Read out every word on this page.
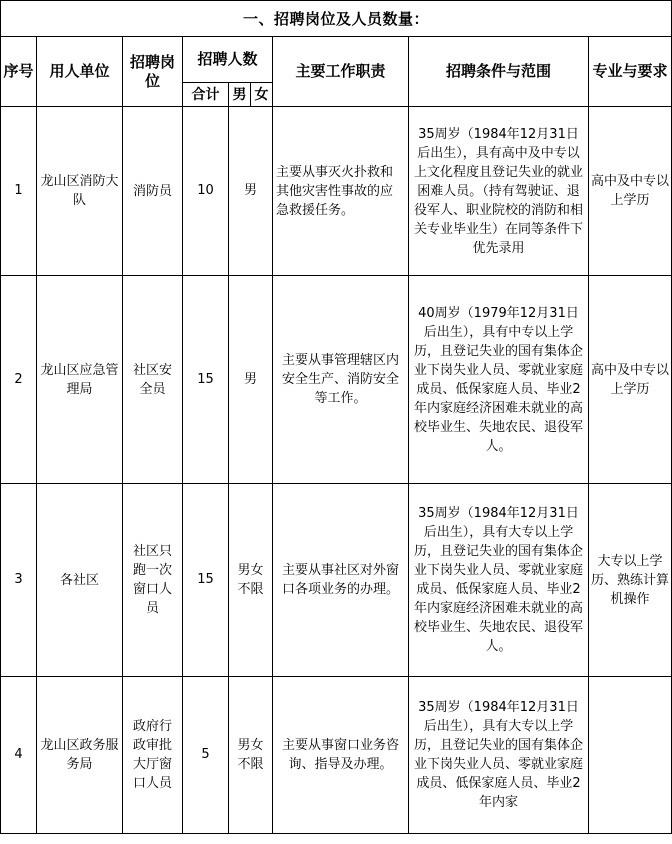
一、招聘岗位及人员数量：								
序号	用人单位	招聘岗位	招聘人数			主要工作职责	招聘条件与范围	专业与要求
			合计	男	女			
1	龙山区消防大队	消防员	10	男		主要从事灭火扑救和其他灾害性事故的应急救援任务。	35周岁（1984年12月31日后出生），具有高中及中专以上文化程度且登记失业的就业困难人员。（持有驾驶证、退役军人、职业院校的消防和相关专业毕业生）在同等条件下优先录用	高中及中专以上学历
2	龙山区应急管理局	社区安全员	15	男		主要从事管理辖区内安全生产、消防安全等工作。	40周岁（1979年12月31日后出生），具有中专以上学历，且登记失业的国有集体企业下岗失业人员、零就业家庭成员、低保家庭人员、毕业2年内家庭经济困难未就业的高校毕业生、失地农民、退役军人。	高中及中专以上学历
3	各社区	社区只跑一次窗口人员	15	男女不限		主要从事社区对外窗口各项业务的办理。	35周岁（1984年12月31日后出生），具有大专以上学历，且登记失业的国有集体企业下岗失业人员、零就业家庭成员、低保家庭人员、毕业2年内家庭经济困难未就业的高校毕业生、失地农民、退役军人。	大专以上学历、熟练计算机操作
4	龙山区政务服务局	政府行政审批大厅窗口人员	5	男女不限		主要从事窗口业务咨询、指导及办理。	35周岁（1984年12月31日后出生），具有大专以上学历，且登记失业的国有集体企业下岗失业人员、零就业家庭成员、低保家庭人员、毕业2年内家	
